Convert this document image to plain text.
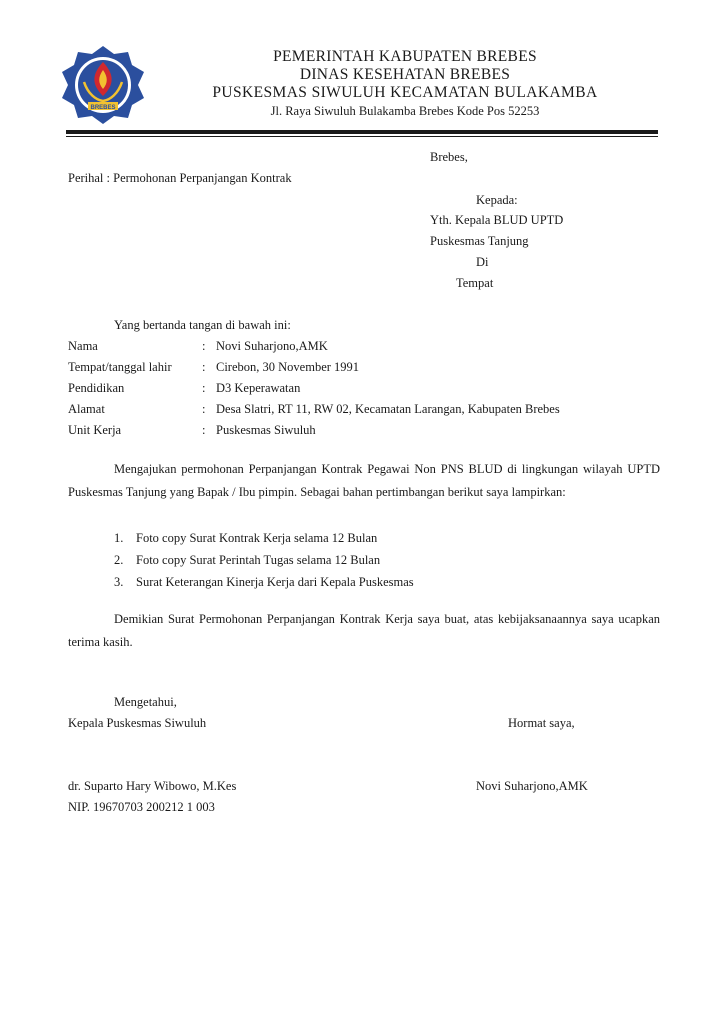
BREBES
PEMERINTAH KABUPATEN BREBES
DINAS KESEHATAN BREBES
PUSKESMAS SIWULUH KECAMATAN BULAKAMBA
Jl. Raya Siwuluh Bulakamba Brebes Kode Pos 52253
Brebes,
Perihal : Permohonan Perpanjangan Kontrak
Kepada:
Yth. Kepala BLUD UPTD
Puskesmas Tanjung
Di
Tempat
Yang bertanda tangan di bawah ini:
Nama	: Novi Suharjono,AMK
Tempat/tanggal lahir : Cirebon, 30 November 1991
Pendidikan	: D3 Keperawatan
Alamat	: Desa Slatri, RT 11, RW 02, Kecamatan Larangan, Kabupaten Brebes
Unit Kerja	: Puskesmas Siwuluh
Mengajukan permohonan Perpanjangan Kontrak Pegawai Non PNS BLUD di lingkungan wilayah UPTD Puskesmas Tanjung yang Bapak / Ibu pimpin. Sebagai bahan pertimbangan berikut saya lampirkan:
1. Foto copy Surat Kontrak Kerja selama 12 Bulan
2. Foto copy Surat Perintah Tugas selama 12 Bulan
3. Surat Keterangan Kinerja Kerja dari Kepala Puskesmas
Demikian Surat Permohonan Perpanjangan Kontrak Kerja saya buat, atas kebijaksanaannya saya ucapkan terima kasih.
Mengetahui,
Kepala Puskesmas Siwuluh	Hormat saya,
dr. Suparto Hary Wibowo, M.Kes	Novi Suharjono,AMK
NIP. 19670703 200212 1 003
